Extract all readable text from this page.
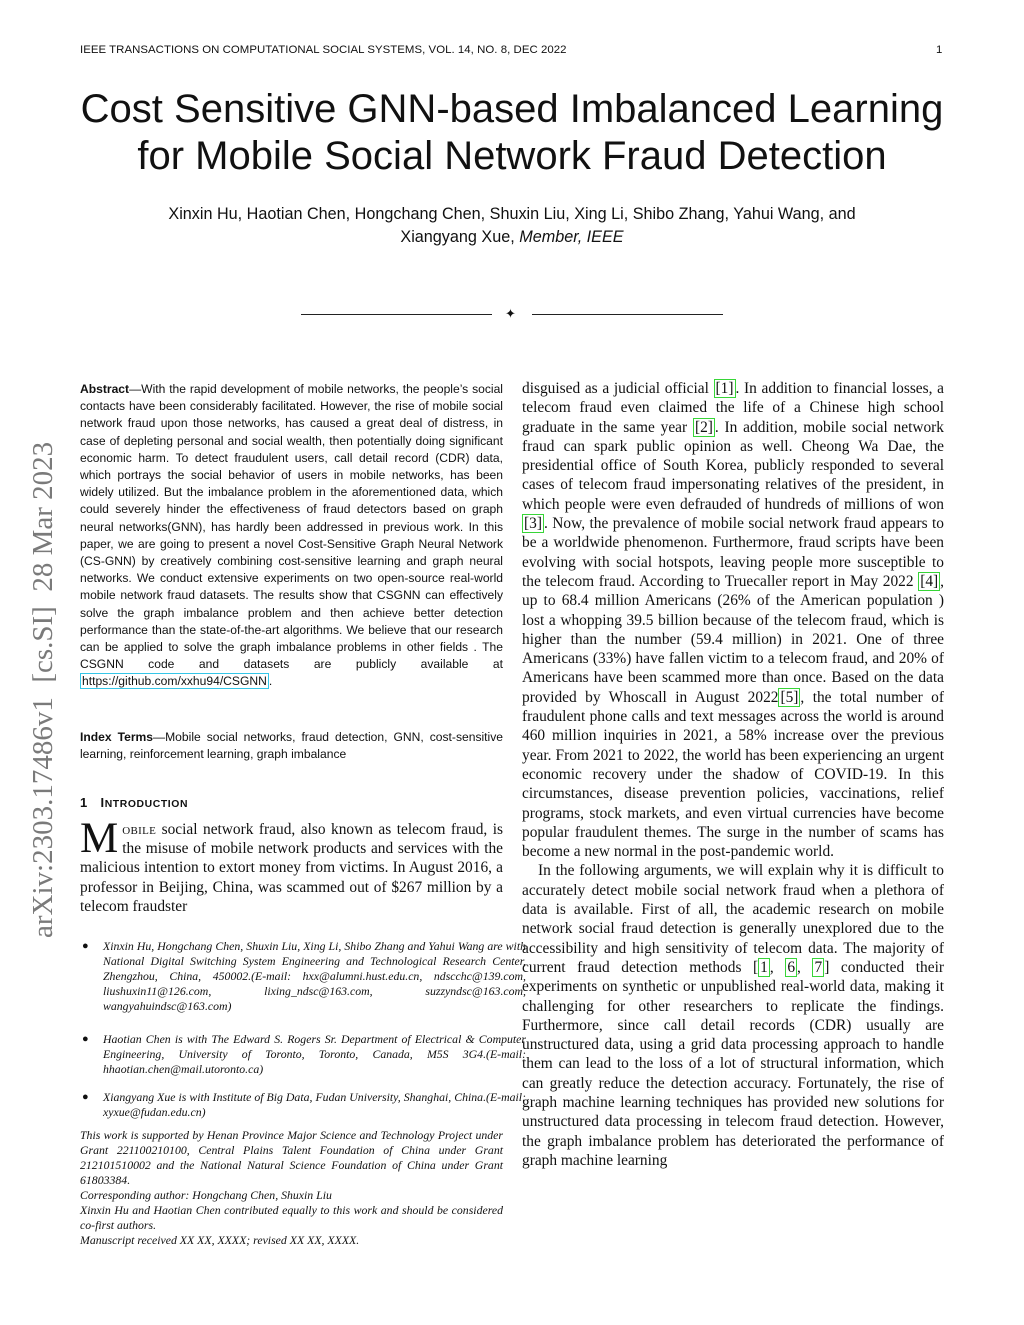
IEEE TRANSACTIONS ON COMPUTATIONAL SOCIAL SYSTEMS, VOL. 14, NO. 8, DEC 2022	1
Cost Sensitive GNN-based Imbalanced Learning
for Mobile Social Network Fraud Detection
Xinxin Hu, Haotian Chen, Hongchang Chen, Shuxin Liu, Xing Li, Shibo Zhang, Yahui Wang, and
Xiangyang Xue, Member, IEEE
✦
arXiv:2303.17486v1  [cs.SI]  28 Mar 2023

Abstract—With the rapid development of mobile networks, the people’s social contacts have been considerably facilitated. However, the rise of mobile social network fraud upon those networks, has caused a great deal of distress, in case of depleting personal and social wealth, then potentially doing significant economic harm. To detect fraudulent users, call detail record (CDR) data, which portrays the social behavior of users in mobile networks, has been widely utilized. But the imbalance problem in the aforementioned data, which could severely hinder the effectiveness of fraud detectors based on graph neural networks(GNN), has hardly been addressed in previous work. In this paper, we are going to present a novel Cost-Sensitive Graph Neural Network (CS-GNN) by creatively combining cost-sensitive learning and graph neural networks. We conduct extensive experiments on two open-source real-world mobile network fraud datasets. The results show that CSGNN can effectively solve the graph imbalance problem and then achieve better detection performance than the state-of-the-art algorithms. We believe that our research can be applied to solve the graph imbalance problems in other fields . The CSGNN code and datasets are publicly available at https://github.com/xxhu94/CSGNN .

Index Terms—Mobile social networks, fraud detection, GNN, cost-sensitive learning, reinforcement learning, graph imbalance

1 INTRODUCTION

Mobile social network fraud, also known as telecom fraud, is the misuse of mobile network products and services with the malicious intention to extort money from victims. In August 2016, a professor in Beijing, China, was scammed out of $267 million by a telecom fraudster

● Xinxin Hu, Hongchang Chen, Shuxin Liu, Xing Li, Shibo Zhang and Yahui Wang are with National Digital Switching System Engineering and Technological Research Center, Zhengzhou, China, 450002.(E-mail: hxx@alumni.hust.edu.cn, ndscchc@139.com, liushuxin11@126.com, lixing_ndsc@163.com, suzzyndsc@163.com, wangyahuindsc@163.com)

● Haotian Chen is with The Edward S. Rogers Sr. Department of Electrical & Computer Engineering, University of Toronto, Toronto, Canada, M5S 3G4.(E-mail: hhaotian.chen@mail.utoronto.ca)

● Xiangyang Xue is with Institute of Big Data, Fudan University, Shanghai, China.(E-mail: xyxue@fudan.edu.cn)

This work is supported by Henan Province Major Science and Technology Project under Grant 221100210100, Central Plains Talent Foundation of China under Grant 212101510002 and the National Natural Science Foundation of China under Grant 61803384.

Corresponding author: Hongchang Chen, Shuxin Liu

Xinxin Hu and Haotian Chen contributed equally to this work and should be considered co-first authors.

Manuscript received XX XX, XXXX; revised XX XX, XXXX.

disguised as a judicial official [1] . In addition to financial losses, a telecom fraud even claimed the life of a Chinese high school graduate in the same year [2] . In addition, mobile social network fraud can spark public opinion as well. Cheong Wa Dae, the presidential office of South Korea, publicly responded to several cases of telecom fraud impersonating relatives of the president, in which people were even defrauded of hundreds of millions of won [3] . Now, the prevalence of mobile social network fraud appears to be a worldwide phenomenon. Furthermore, fraud scripts have been evolving with social hotspots, leaving people more susceptible to the telecom fraud. According to Truecaller report in May 2022 [4] , up to 68.4 million Americans (26% of the American population ) lost a whopping 39.5 billion because of the telecom fraud, which is higher than the number (59.4 million) in 2021. One of three Americans (33%) have fallen victim to a telecom fraud, and 20% of Americans have been scammed more than once. Based on the data provided by Whoscall in August 2022 [5] , the total number of fraudulent phone calls and text messages across the world is around 460 million inquiries in 2021, a 58% increase over the previous year. From 2021 to 2022, the world has been experiencing an urgent economic recovery under the shadow of COVID-19. In this circumstances, disease prevention policies, vaccinations, relief programs, stock markets, and even virtual currencies have become popular fraudulent themes. The surge in the number of scams has become a new normal in the post-pandemic world.

In the following arguments, we will explain why it is difficult to accurately detect mobile social network fraud when a plethora of data is available. First of all, the academic research on mobile network social fraud detection is generally unexplored due to the accessibility and high sensitivity of telecom data. The majority of current fraud detection methods [ 1 , 6 , 7 ] conducted their experiments on synthetic or unpublished real-world data, making it challenging for other researchers to replicate the findings. Furthermore, since call detail records (CDR) usually are unstructured data, using a grid data processing approach to handle them can lead to the loss of a lot of structural information, which can greatly reduce the detection accuracy. Fortunately, the rise of graph machine learning techniques has provided new solutions for unstructured data processing in telecom fraud detection. However, the graph imbalance problem has deteriorated the performance of graph machine learning
